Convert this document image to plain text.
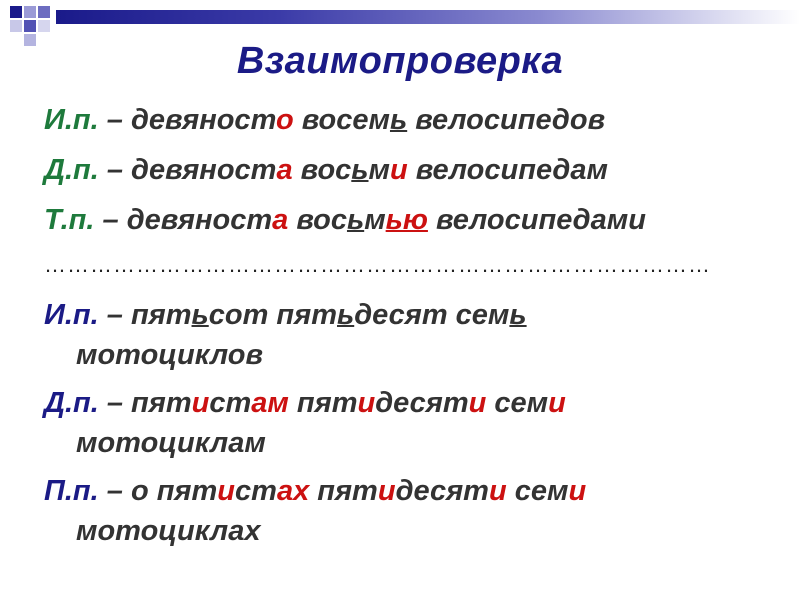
Взаимопроверка
И.п. – девяносто восемь велосипедов
Д.п. – девяноста восьми велосипедам
Т.п. – девяноста восьмью велосипедами
……………………………………………………………………………
И.п. – пятьсот пятьдесят семь
мотоциклов
Д.п. – пятистам пятидесяти семи
мотоциклам
П.п. – о пятистах пятидесяти семи
мотоциклах
